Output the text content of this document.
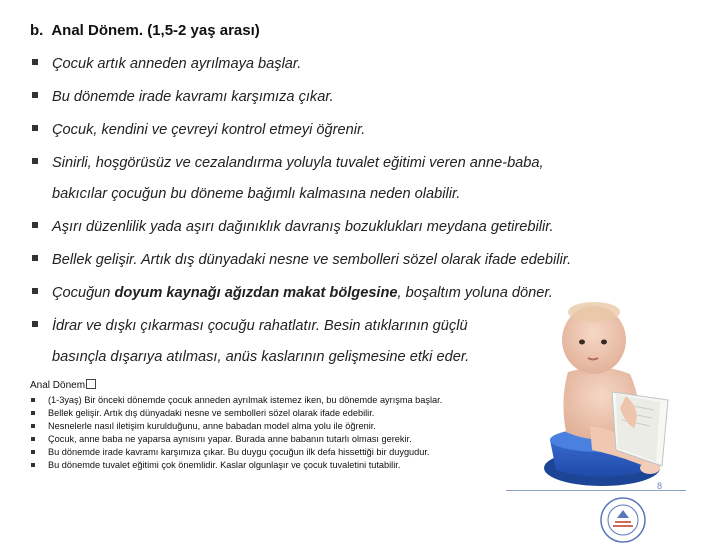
b. Anal Dönem. (1,5-2 yaş arası)
Çocuk artık anneden ayrılmaya başlar.
Bu dönemde irade kavramı karşımıza çıkar.
Çocuk, kendini ve çevreyi kontrol etmeyi öğrenir.
Sinirli, hoşgörüsüz ve cezalandırma yoluyla tuvalet eğitimi veren anne-baba,
bakıcılar çocuğun bu döneme bağımlı kalmasına neden olabilir.
Aşırı düzenlilik yada aşırı dağınıklık davranış bozuklukları meydana getirebilir.
Bellek gelişir. Artık dış dünyadaki nesne ve sembolleri sözel olarak ifade edebilir.
Çocuğun doyum kaynağı ağızdan makat bölgesine, boşaltım yoluna döner.
İdrar ve dışkı çıkarması çocuğu rahatlatır. Besin atıklarının güçlü
basınçla dışarıya atılması, anüs kaslarının gelişmesine etki eder.
Anal Dönem
(1-3yaş) Bir önceki dönemde çocuk anneden ayrılmak istemez iken, bu dönemde ayrışma başlar.
Bellek gelişir. Artık dış dünyadaki nesne ve sembolleri sözel olarak ifade edebilir.
Nesnelerle nasıl iletişim kurulduğunu, anne babadan model alma yolu ile öğrenir.
Çocuk, anne baba ne yaparsa aynısını yapar. Burada anne babanın tutarlı olması gerekir.
Bu dönemde irade kavramı karşımıza çıkar. Bu duygu çocuğun ilk defa hissettiği bir duygudur.
Bu dönemde tuvalet eğitimi çok önemlidir. Kaslar olgunlaşır ve çocuk tuvaletini tutabilir.
8
